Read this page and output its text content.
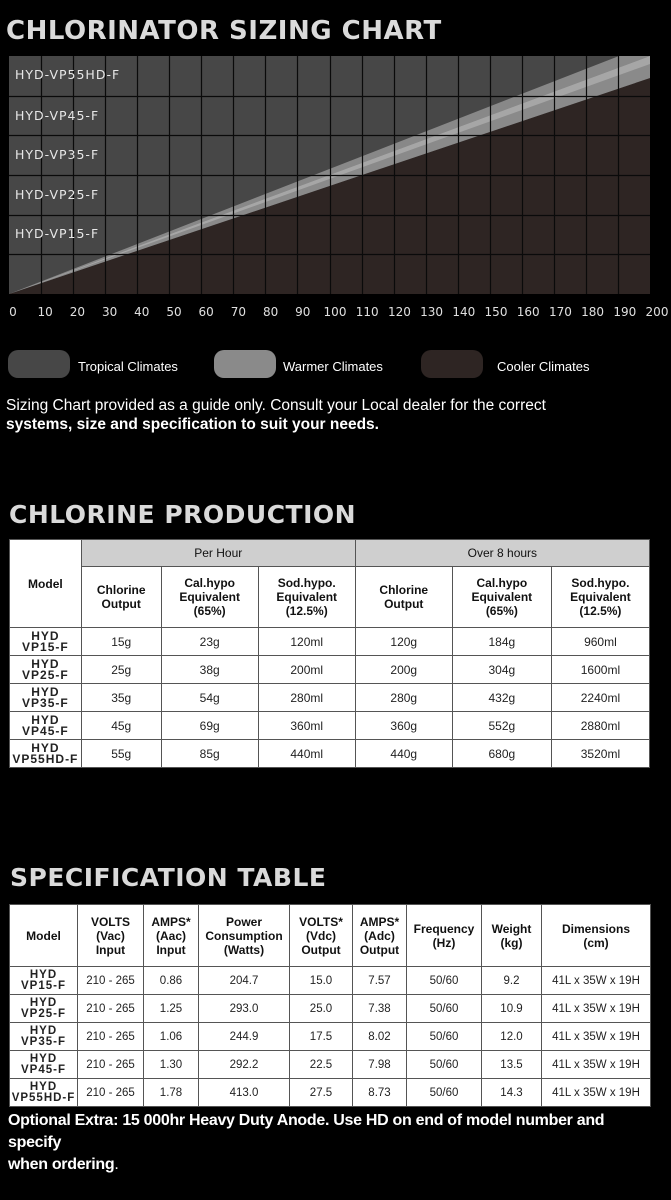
CHLORINATOR SIZING CHART
HYD-VP55HD-F
HYD-VP45-F
HYD-VP35-F
HYD-VP25-F
HYD-VP15-F
0 10 20 30 40 50 60 70 80 90 100 110 120 130 140 150 160 170 180 190 200
Tropical Climates	Warmer Climates	Cooler Climates
Sizing Chart provided as a guide only. Consult your Local dealer for the correct
systems, size and specification to suit your needs.
CHLORINE PRODUCTION
Model	Per Hour			Over 8 hours		
	Chlorine
Output	Cal.hypo
Equivalent
(65%)	Sod.hypo.
Equivalent
(12.5%)	Chlorine
Output	Cal.hypo
Equivalent
(65%)	Sod.hypo.
Equivalent
(12.5%)

HYD
VP15-F	15g	23g	120ml	120g	184g	960ml
HYD
VP25-F	25g	38g	200ml	200g	304g	1600ml
HYD
VP35-F	35g	54g	280ml	280g	432g	2240ml
HYD
VP45-F	45g	69g	360ml	360g	552g	2880ml
HYD
VP55HD-F	55g	85g	440ml	440g	680g	3520ml
SPECIFICATION TABLE
Model	VOLTS
(Vac)
Input	AMPS*
(Aac)
Input	Power
Consumption
(Watts)	VOLTS*
(Vdc)
Output	AMPS*
(Adc)
Output	Frequency
(Hz)	Weight
(kg)	Dimensions
(cm)
HYD
VP15-F	210 - 265	0.86	204.7	15.0	7.57	50/60	9.2	41L x 35W x 19H
HYD
VP25-F	210 - 265	1.25	293.0	25.0	7.38	50/60	10.9	41L x 35W x 19H
HYD
VP35-F	210 - 265	1.06	244.9	17.5	8.02	50/60	12.0	41L x 35W x 19H
HYD
VP45-F	210 - 265	1.30	292.2	22.5	7.98	50/60	13.5	41L x 35W x 19H
HYD
VP55HD-F	210 - 265	1.78	413.0	27.5	8.73	50/60	14.3	41L x 35W x 19H
Optional Extra: 15 000hr Heavy Duty Anode. Use HD on end of model number and specify
when ordering.
